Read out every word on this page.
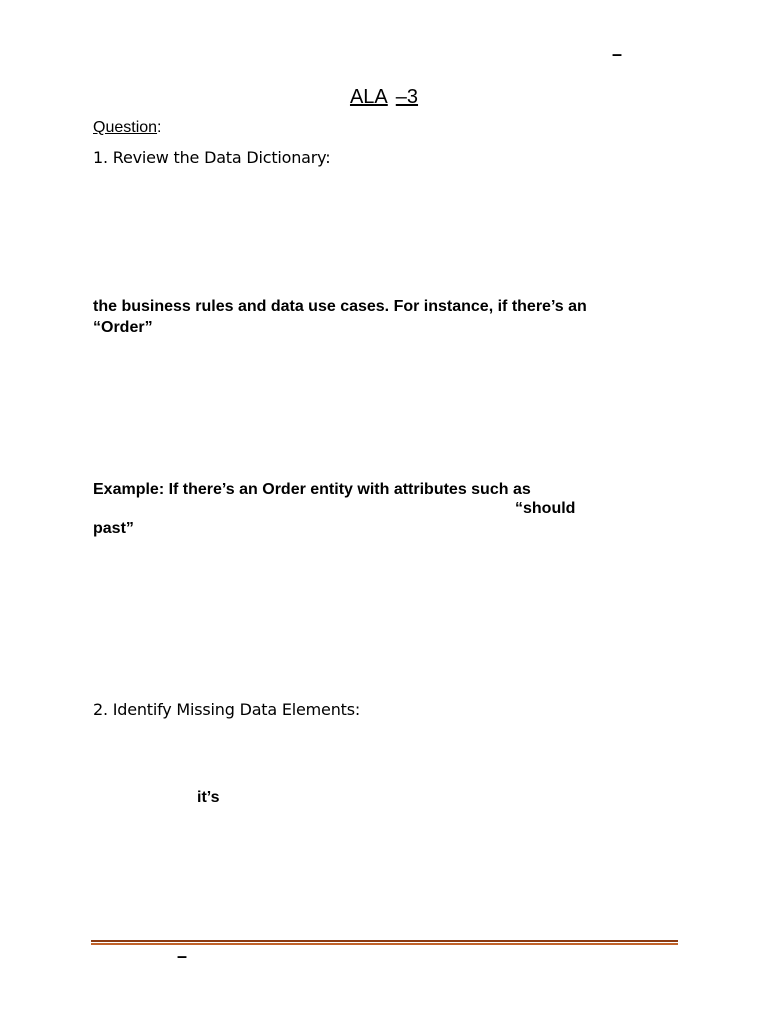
–
ALA –3
Question:
1. Review the Data Dictionary:
the business rules and data use cases. For instance, if there’s an
“Order”
Example: If there’s an Order entity with attributes such as
“should
past”
2. Identify Missing Data Elements:
it’s
–
